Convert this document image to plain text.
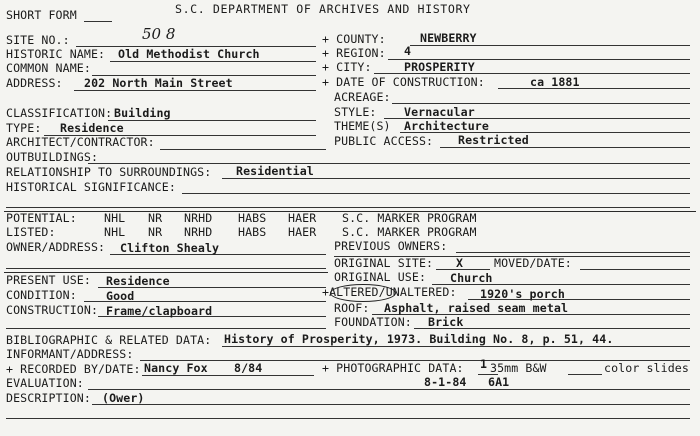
SHORT FORM	S.C. DEPARTMENT OF ARCHIVES AND HISTORY
SITE NO.:	50 8	+ COUNTY:	NEWBERRY
HISTORIC NAME: Old Methodist Church	+ REGION: 4
COMMON NAME:	+ CITY:	PROSPERITY
ADDRESS: 202 North Main Street	+ DATE OF CONSTRUCTION:	ca 1881
ACREAGE:
CLASSIFICATION: Building	STYLE: Vernacular
TYPE: Residence	THEME(S) Architecture
ARCHITECT/CONTRACTOR:	PUBLIC ACCESS: Restricted
OUTBUILDINGS:
RELATIONSHIP TO SURROUNDINGS: Residential
HISTORICAL SIGNIFICANCE:
POTENTIAL: NHL NR NRHD HABS HAER S.C. MARKER PROGRAM
LISTED:	NHL NR NRHD HABS HAER S.C. MARKER PROGRAM
OWNER/ADDRESS: Clifton Shealy	PREVIOUS OWNERS:
ORIGINAL SITE: X	MOVED/DATE:
PRESENT USE: Residence	ORIGINAL USE: Church
CONDITION:	Good	+ALTERED/UNALTERED: 1920's porch
CONSTRUCTION: Frame/clapboard	ROOF: Asphalt, raised seam metal
FOUNDATION: Brick
BIBLIOGRAPHIC & RELATED DATA: History of Prosperity, 1973. Building No. 8, p. 51, 44.
INFORMANT/ADDRESS:
+ RECORDED BY/DATE: Nancy Fox 8/84	+ PHOTOGRAPHIC DATA: 1 35mm B&W	color slides
EVALUATION:	8-1-84 6A1
DESCRIPTION: (Ower)
